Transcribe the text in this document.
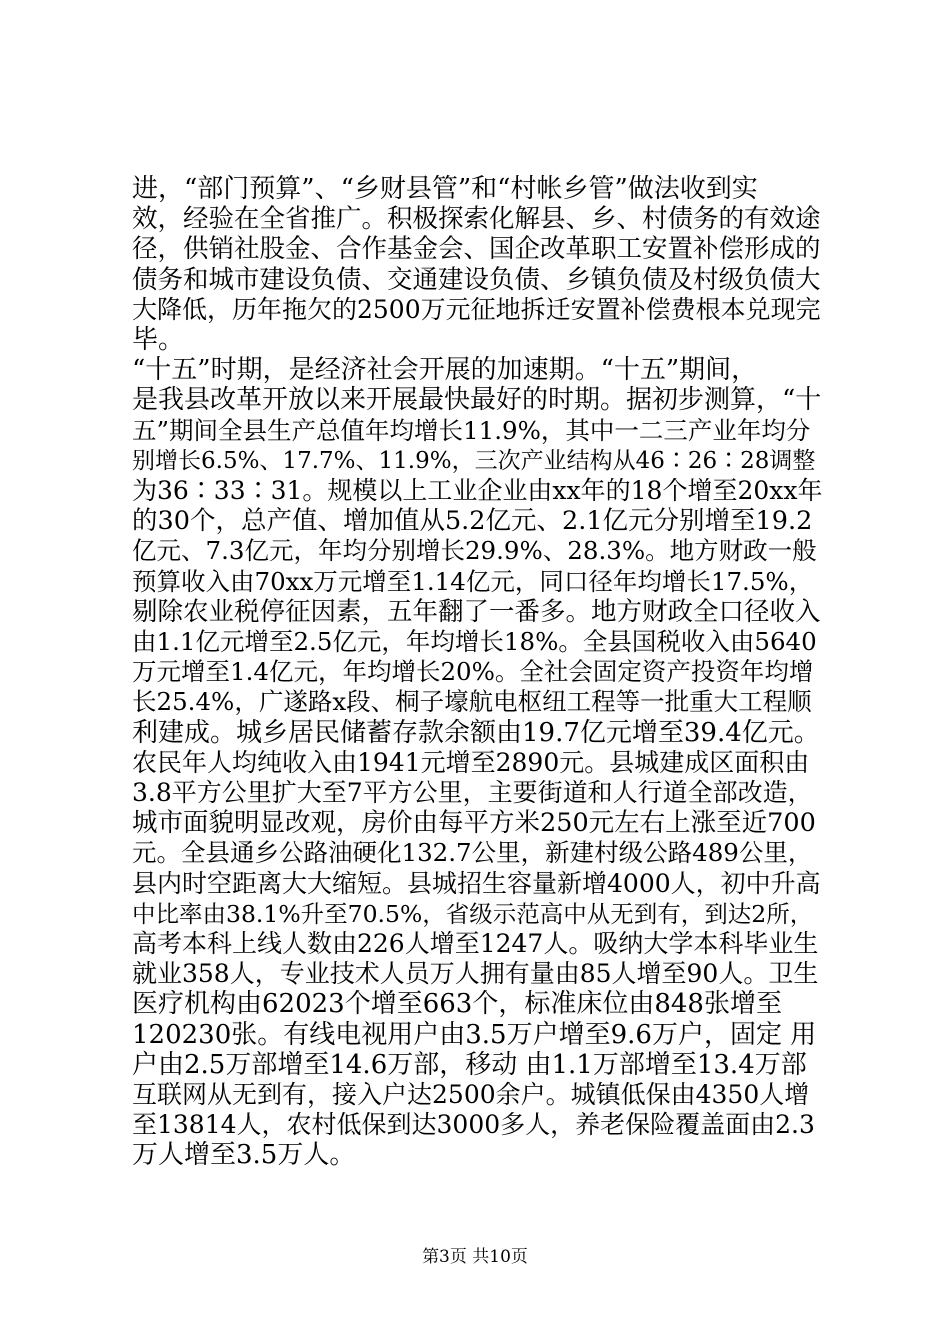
进，“部门预算”、“乡财县管”和“村帐乡管”做法收到实
效，经验在全省推广。积极探索化解县、乡、村债务的有效途
径，供销社股金、合作基金会、国企改革职工安置补偿形成的
债务和城市建设负债、交通建设负债、乡镇负债及村级负债大
大降低，历年拖欠的2500万元征地拆迁安置补偿费根本兑现完
毕。
“十五”时期，是经济社会开展的加速期。“十五”期间，
是我县改革开放以来开展最快最好的时期。据初步测算，“十
五”期间全县生产总值年均增长11.9%，其中一二三产业年均分
别增长6.5%、17.7%、11.9%，三次产业结构从46∶26∶28调整
为36∶33∶31。规模以上工业企业由xx年的18个增至20xx年
的30个，总产值、增加值从5.2亿元、2.1亿元分别增至19.2
亿元、7.3亿元，年均分别增长29.9%、28.3%。地方财政一般
预算收入由70xx万元增至1.14亿元，同口径年均增长17.5%，
剔除农业税停征因素，五年翻了一番多。地方财政全口径收入
由1.1亿元增至2.5亿元，年均增长18%。全县国税收入由5640
万元增至1.4亿元，年均增长20%。全社会固定资产投资年均增
长25.4%，广遂路x段、桐子壕航电枢纽工程等一批重大工程顺
利建成。城乡居民储蓄存款余额由19.7亿元增至39.4亿元。
农民年人均纯收入由1941元增至2890元。县城建成区面积由
3.8平方公里扩大至7平方公里，主要街道和人行道全部改造，
城市面貌明显改观，房价由每平方米250元左右上涨至近700
元。全县通乡公路油硬化132.7公里，新建村级公路489公里，
县内时空距离大大缩短。县城招生容量新增4000人，初中升高
中比率由38.1%升至70.5%，省级示范高中从无到有，到达2所，
高考本科上线人数由226人增至1247人。吸纳大学本科毕业生
就业358人，专业技术人员万人拥有量由85人增至90人。卫生
医疗机构由62023个增至663个，标准床位由848张增至
120230张。有线电视用户由3.5万户增至9.6万户，固定 用
户由2.5万部增至14.6万部，移动 由1.1万部增至13.4万部
互联网从无到有，接入户达2500余户。城镇低保由4350人增
至13814人，农村低保到达3000多人，养老保险覆盖面由2.3
万人增至3.5万人。
第3页 共10页
